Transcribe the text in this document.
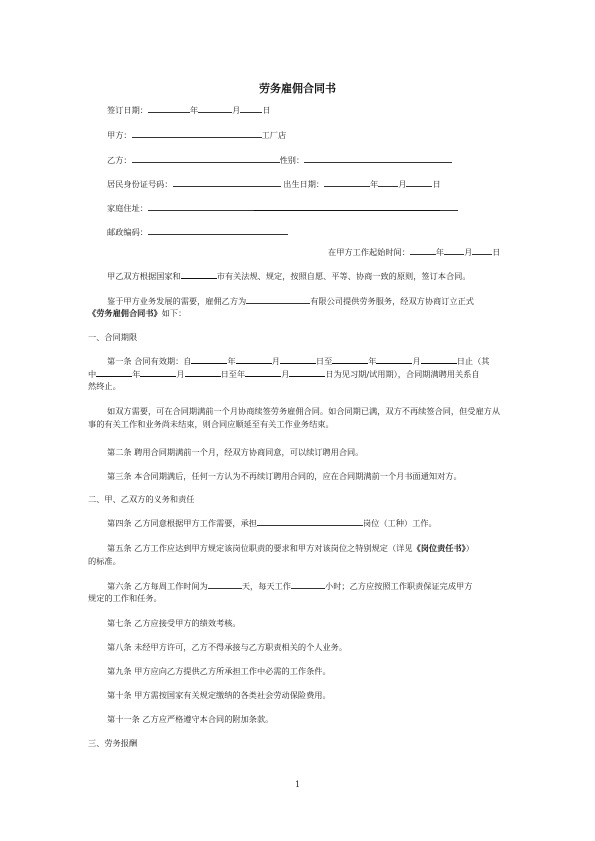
劳务雇佣合同书
签订日期：	年	月	日
甲方：	工厂店
乙方：	性别：
居民身份证号码：	出生日期：	年 月	日
家庭住址：
邮政编码：
在甲方工作起始时间：	年 月 日
甲乙双方根据国家和	市有关法规、规定，按照自愿、平等、协商一致的原则，签订本合同。
鉴于甲方业务发展的需要，雇佣乙方为	有限公司提供劳务服务，经双方协商订立正式
《劳务雇佣合同书》如下：
一、合同期限
第一条 合同有效期：自	年	月	日至	年	月	日止（其
中	年	月	日至年	月	日为见习期/试用期），合同期满聘用关系自
然终止。
如双方需要，可在合同期满前一个月协商续签劳务雇佣合同。如合同期已满，双方不再续签合同，但受雇方从事的有关工作和业务尚未结束，则合同应顺延至有关工作业务结束。
第二条 聘用合同期满前一个月，经双方协商同意，可以续订聘用合同。
第三条 本合同期满后，任何一方认为不再续订聘用合同的，应在合同期满前一个月书面通知对方。
二、甲、乙双方的义务和责任
第四条 乙方同意根据甲方工作需要，承担	岗位（工种）工作。
第五条 乙方工作应达到甲方规定该岗位职责的要求和甲方对该岗位之特别规定（详见《岗位责任书》）
的标准。
第六条 乙方每周工作时间为	天，每天工作	小时；乙方应按照工作职责保证完成甲方
规定的工作和任务。
第七条 乙方应接受甲方的绩效考核。
第八条 未经甲方许可，乙方不得承接与乙方职责相关的个人业务。
第九条 甲方应向乙方提供乙方所承担工作中必需的工作条件。
第十条 甲方需按国家有关规定缴纳的各类社会劳动保险费用。
第十一条 乙方应严格遵守本合同的附加条款。
三、劳务报酬
1
